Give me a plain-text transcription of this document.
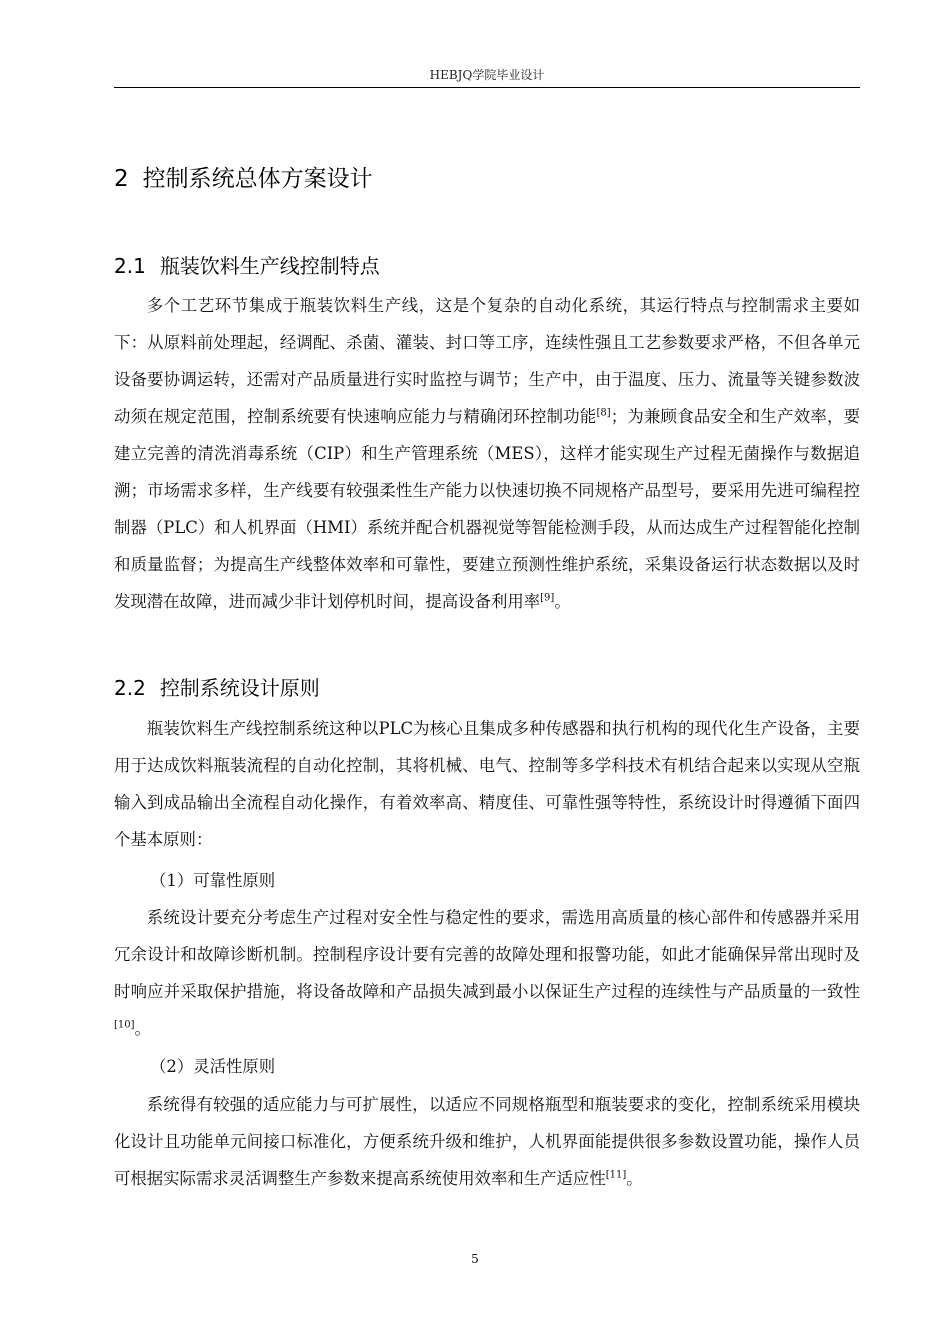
HEBJQ学院毕业设计
2 控制系统总体方案设计
2.1 瓶装饮料生产线控制特点

多个工艺环节集成于瓶装饮料生产线，这是个复杂的自动化系统，其运行特点与控制需求主要如下：从原料前处理起，经调配、杀菌、灌装、封口等工序，连续性强且工艺参数要求严格，不但各单元设备要协调运转，还需对产品质量进行实时监控与调节；生产中，由于温度、压力、流量等关键参数波动须在规定范围，控制系统要有快速响应能力与精确闭环控制功能[8]；为兼顾食品安全和生产效率，要建立完善的清洗消毒系统（CIP）和生产管理系统（MES），这样才能实现生产过程无菌操作与数据追溯；市场需求多样，生产线要有较强柔性生产能力以快速切换不同规格产品型号，要采用先进可编程控制器（PLC）和人机界面（HMI）系统并配合机器视觉等智能检测手段，从而达成生产过程智能化控制和质量监督；为提高生产线整体效率和可靠性，要建立预测性维护系统，采集设备运行状态数据以及时发现潜在故障，进而减少非计划停机时间，提高设备利用率[9]。

2.2 控制系统设计原则

瓶装饮料生产线控制系统这种以PLC为核心且集成多种传感器和执行机构的现代化生产设备，主要用于达成饮料瓶装流程的自动化控制，其将机械、电气、控制等多学科技术有机结合起来以实现从空瓶输入到成品输出全流程自动化操作，有着效率高、精度佳、可靠性强等特性，系统设计时得遵循下面四个基本原则：

（1）可靠性原则

系统设计要充分考虑生产过程对安全性与稳定性的要求，需选用高质量的核心部件和传感器并采用冗余设计和故障诊断机制。控制程序设计要有完善的故障处理和报警功能，如此才能确保异常出现时及时响应并采取保护措施，将设备故障和产品损失减到最小以保证生产过程的连续性与产品质量的一致性[10]。

（2）灵活性原则

系统得有较强的适应能力与可扩展性，以适应不同规格瓶型和瓶装要求的变化，控制系统采用模块化设计且功能单元间接口标准化，方便系统升级和维护，人机界面能提供很多参数设置功能，操作人员可根据实际需求灵活调整生产参数来提高系统使用效率和生产适应性[11]。

5
